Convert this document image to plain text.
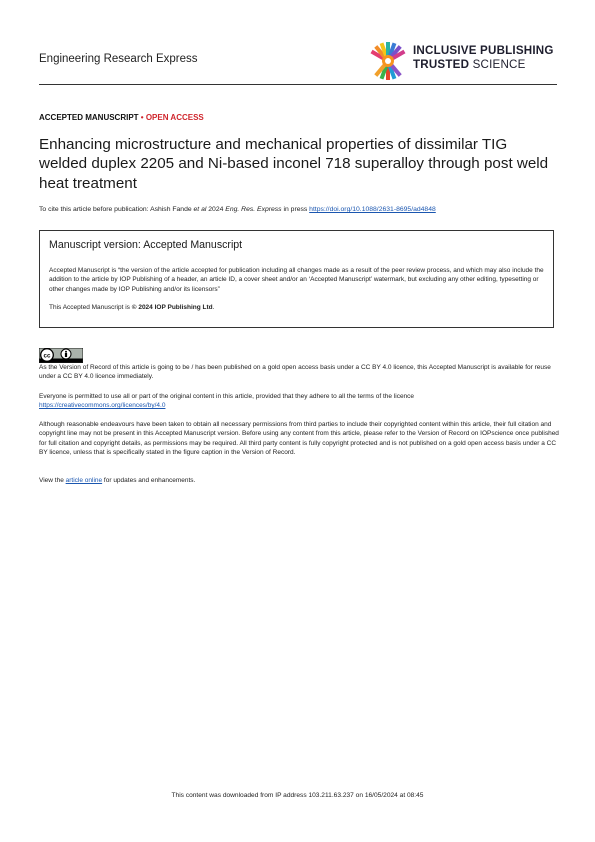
Engineering Research Express
INCLUSIVE PUBLISHING
TRUSTED SCIENCE
ACCEPTED MANUSCRIPT • OPEN ACCESS
Enhancing microstructure and mechanical properties of dissimilar TIG welded duplex 2205 and Ni-based inconel 718 superalloy through post weld heat treatment
To cite this article before publication: Ashish Fande et al 2024 Eng. Res. Express in press https://doi.org/10.1088/2631-8695/ad4848
Manuscript version: Accepted Manuscript
Accepted Manuscript is “the version of the article accepted for publication including all changes made as a result of the peer review process, and which may also include the addition to the article by IOP Publishing of a header, an article ID, a cover sheet and/or an ‘Accepted Manuscript’ watermark, but excluding any other editing, typesetting or other changes made by IOP Publishing and/or its licensors”
This Accepted Manuscript is © 2024 IOP Publishing Ltd.
cc
As the Version of Record of this article is going to be / has been published on a gold open access basis under a CC BY 4.0 licence, this Accepted Manuscript is available for reuse under a CC BY 4.0 licence immediately.
Everyone is permitted to use all or part of the original content in this article, provided that they adhere to all the terms of the licence
https://creativecommons.org/licences/by/4.0
Although reasonable endeavours have been taken to obtain all necessary permissions from third parties to include their copyrighted content within this article, their full citation and copyright line may not be present in this Accepted Manuscript version. Before using any content from this article, please refer to the Version of Record on IOPscience once published for full citation and copyright details, as permissions may be required. All third party content is fully copyright protected and is not published on a gold open access basis under a CC BY licence, unless that is specifically stated in the figure caption in the Version of Record.
View the article online for updates and enhancements.
This content was downloaded from IP address 103.211.63.237 on 16/05/2024 at 08:45
